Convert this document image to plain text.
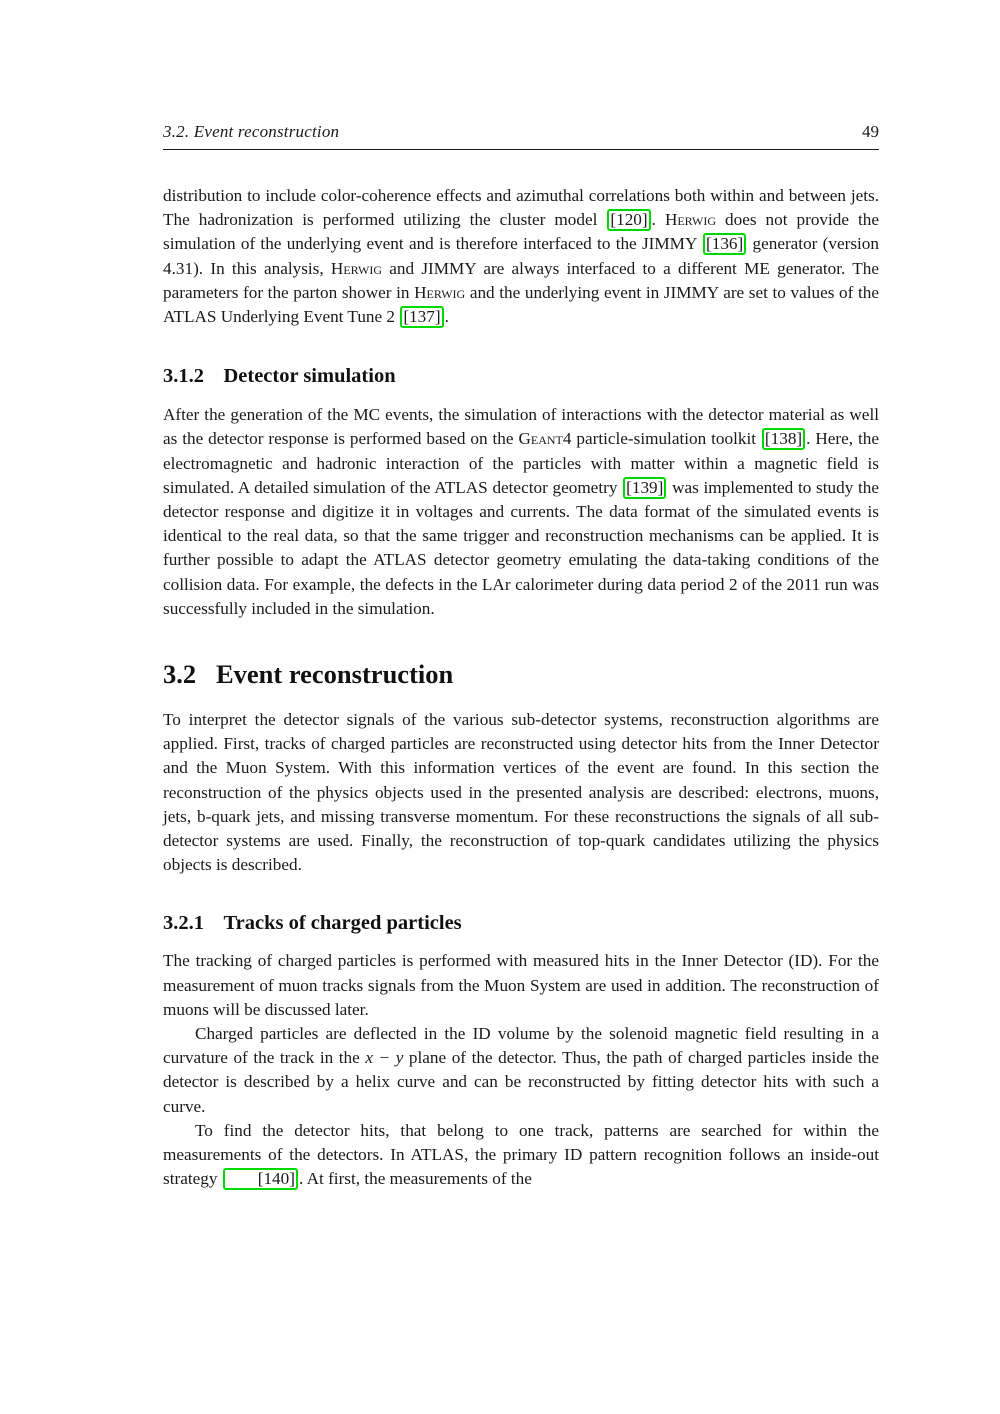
3.2. Event reconstruction	49

distribution to include color-coherence effects and azimuthal correlations both within and between jets. The hadronization is performed utilizing the cluster model [120] . Herwig does not provide the simulation of the underlying event and is therefore interfaced to the JIMMY [136] generator (version 4.31). In this analysis, Herwig and JIMMY are always interfaced to a different ME generator. The parameters for the parton shower in Herwig and the underlying event in JIMMY are set to values of the ATLAS Underlying Event Tune 2 [137] .

3.1.2 Detector simulation

After the generation of the MC events, the simulation of interactions with the detector material as well as the detector response is performed based on the Geant4 particle-simulation toolkit [138] . Here, the electromagnetic and hadronic interaction of the particles with matter within a magnetic field is simulated. A detailed simulation of the ATLAS detector geometry [139] was implemented to study the detector response and digitize it in voltages and currents. The data format of the simulated events is identical to the real data, so that the same trigger and reconstruction mechanisms can be applied. It is further possible to adapt the ATLAS detector geometry emulating the data-taking conditions of the collision data. For example, the defects in the LAr calorimeter during data period 2 of the 2011 run was successfully included in the simulation.

3.2 Event reconstruction

To interpret the detector signals of the various sub-detector systems, reconstruction algorithms are applied. First, tracks of charged particles are reconstructed using detector hits from the Inner Detector and the Muon System. With this information vertices of the event are found. In this section the reconstruction of the physics objects used in the presented analysis are described: electrons, muons, jets, b-quark jets, and missing transverse momentum. For these reconstructions the signals of all sub-detector systems are used. Finally, the reconstruction of top-quark candidates utilizing the physics objects is described.

3.2.1 Tracks of charged particles

The tracking of charged particles is performed with measured hits in the Inner Detector (ID). For the measurement of muon tracks signals from the Muon System are used in addition. The reconstruction of muons will be discussed later.

Charged particles are deflected in the ID volume by the solenoid magnetic field resulting in a curvature of the track in the x − y plane of the detector. Thus, the path of charged particles inside the detector is described by a helix curve and can be reconstructed by fitting detector hits with such a curve.

To find the detector hits, that belong to one track, patterns are searched for within the measurements of the detectors. In ATLAS, the primary ID pattern recognition follows an inside-out strategy [140] . At first, the measurements of the
